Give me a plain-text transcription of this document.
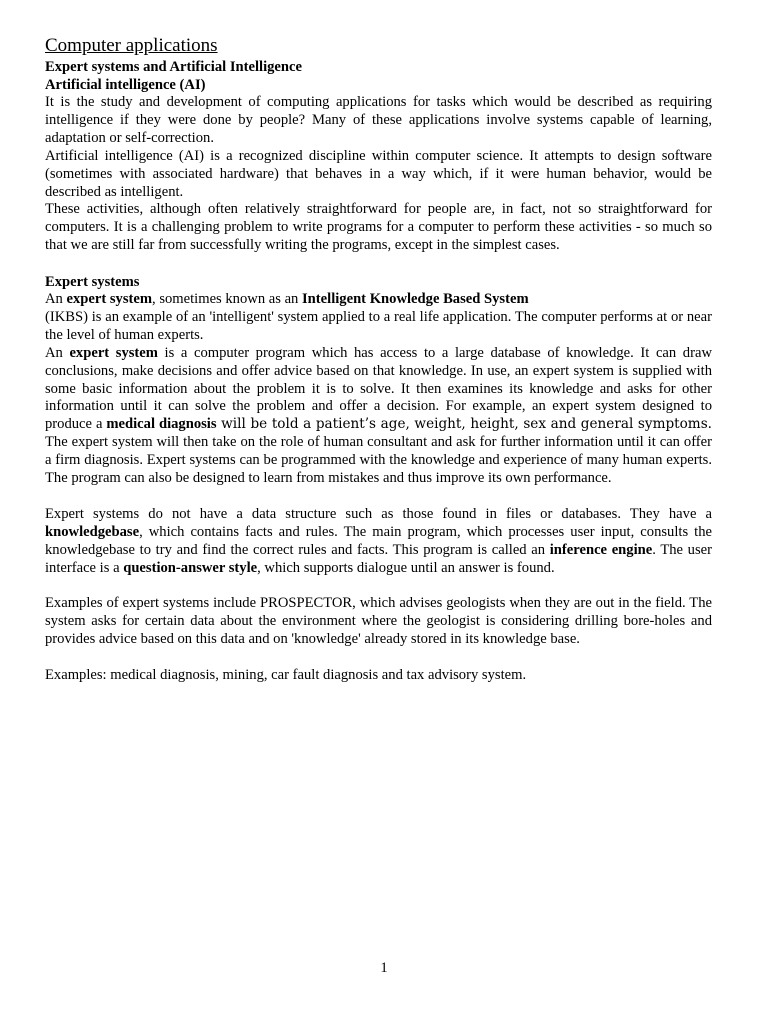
Computer applications
Expert systems and Artificial Intelligence
Artificial intelligence (AI)

It is the study and development of computing applications for tasks which would be described as requiring intelligence if they were done by people? Many of these applications involve systems capable of learning, adaptation or self-correction.

Artificial intelligence (AI) is a recognized discipline within computer science. It attempts to design software (sometimes with associated hardware) that behaves in a way which, if it were human behavior, would be described as intelligent.

These activities, although often relatively straightforward for people are, in fact, not so straightforward for computers. It is a challenging problem to write programs for a computer to perform these activities - so much so that we are still far from successfully writing the programs, except in the simplest cases.

Expert systems

An expert system, sometimes known as an Intelligent Knowledge Based System

(IKBS) is an example of an 'intelligent' system applied to a real life application. The computer performs at or near the level of human experts.

An expert system is a computer program which has access to a large database of knowledge. It can draw conclusions, make decisions and offer advice based on that knowledge. In use, an expert system is supplied with some basic information about the problem it is to solve. It then examines its knowledge and asks for other information until it can solve the problem and offer a decision. For example, an expert system designed to produce a medical diagnosis will be told a patient’s age, weight, height, sex and general symptoms. The expert system will then take on the role of human consultant and ask for further information until it can offer a firm diagnosis. Expert systems can be programmed with the knowledge and experience of many human experts. The program can also be designed to learn from mistakes and thus improve its own performance.

Expert systems do not have a data structure such as those found in files or databases. They have a knowledgebase, which contains facts and rules. The main program, which processes user input, consults the knowledgebase to try and find the correct rules and facts. This program is called an inference engine. The user interface is a question-answer style, which supports dialogue until an answer is found.

Examples of expert systems include PROSPECTOR, which advises geologists when they are out in the field. The system asks for certain data about the environment where the geologist is considering drilling bore-holes and provides advice based on this data and on 'knowledge' already stored in its knowledge base.

Examples: medical diagnosis, mining, car fault diagnosis and tax advisory system.

1
